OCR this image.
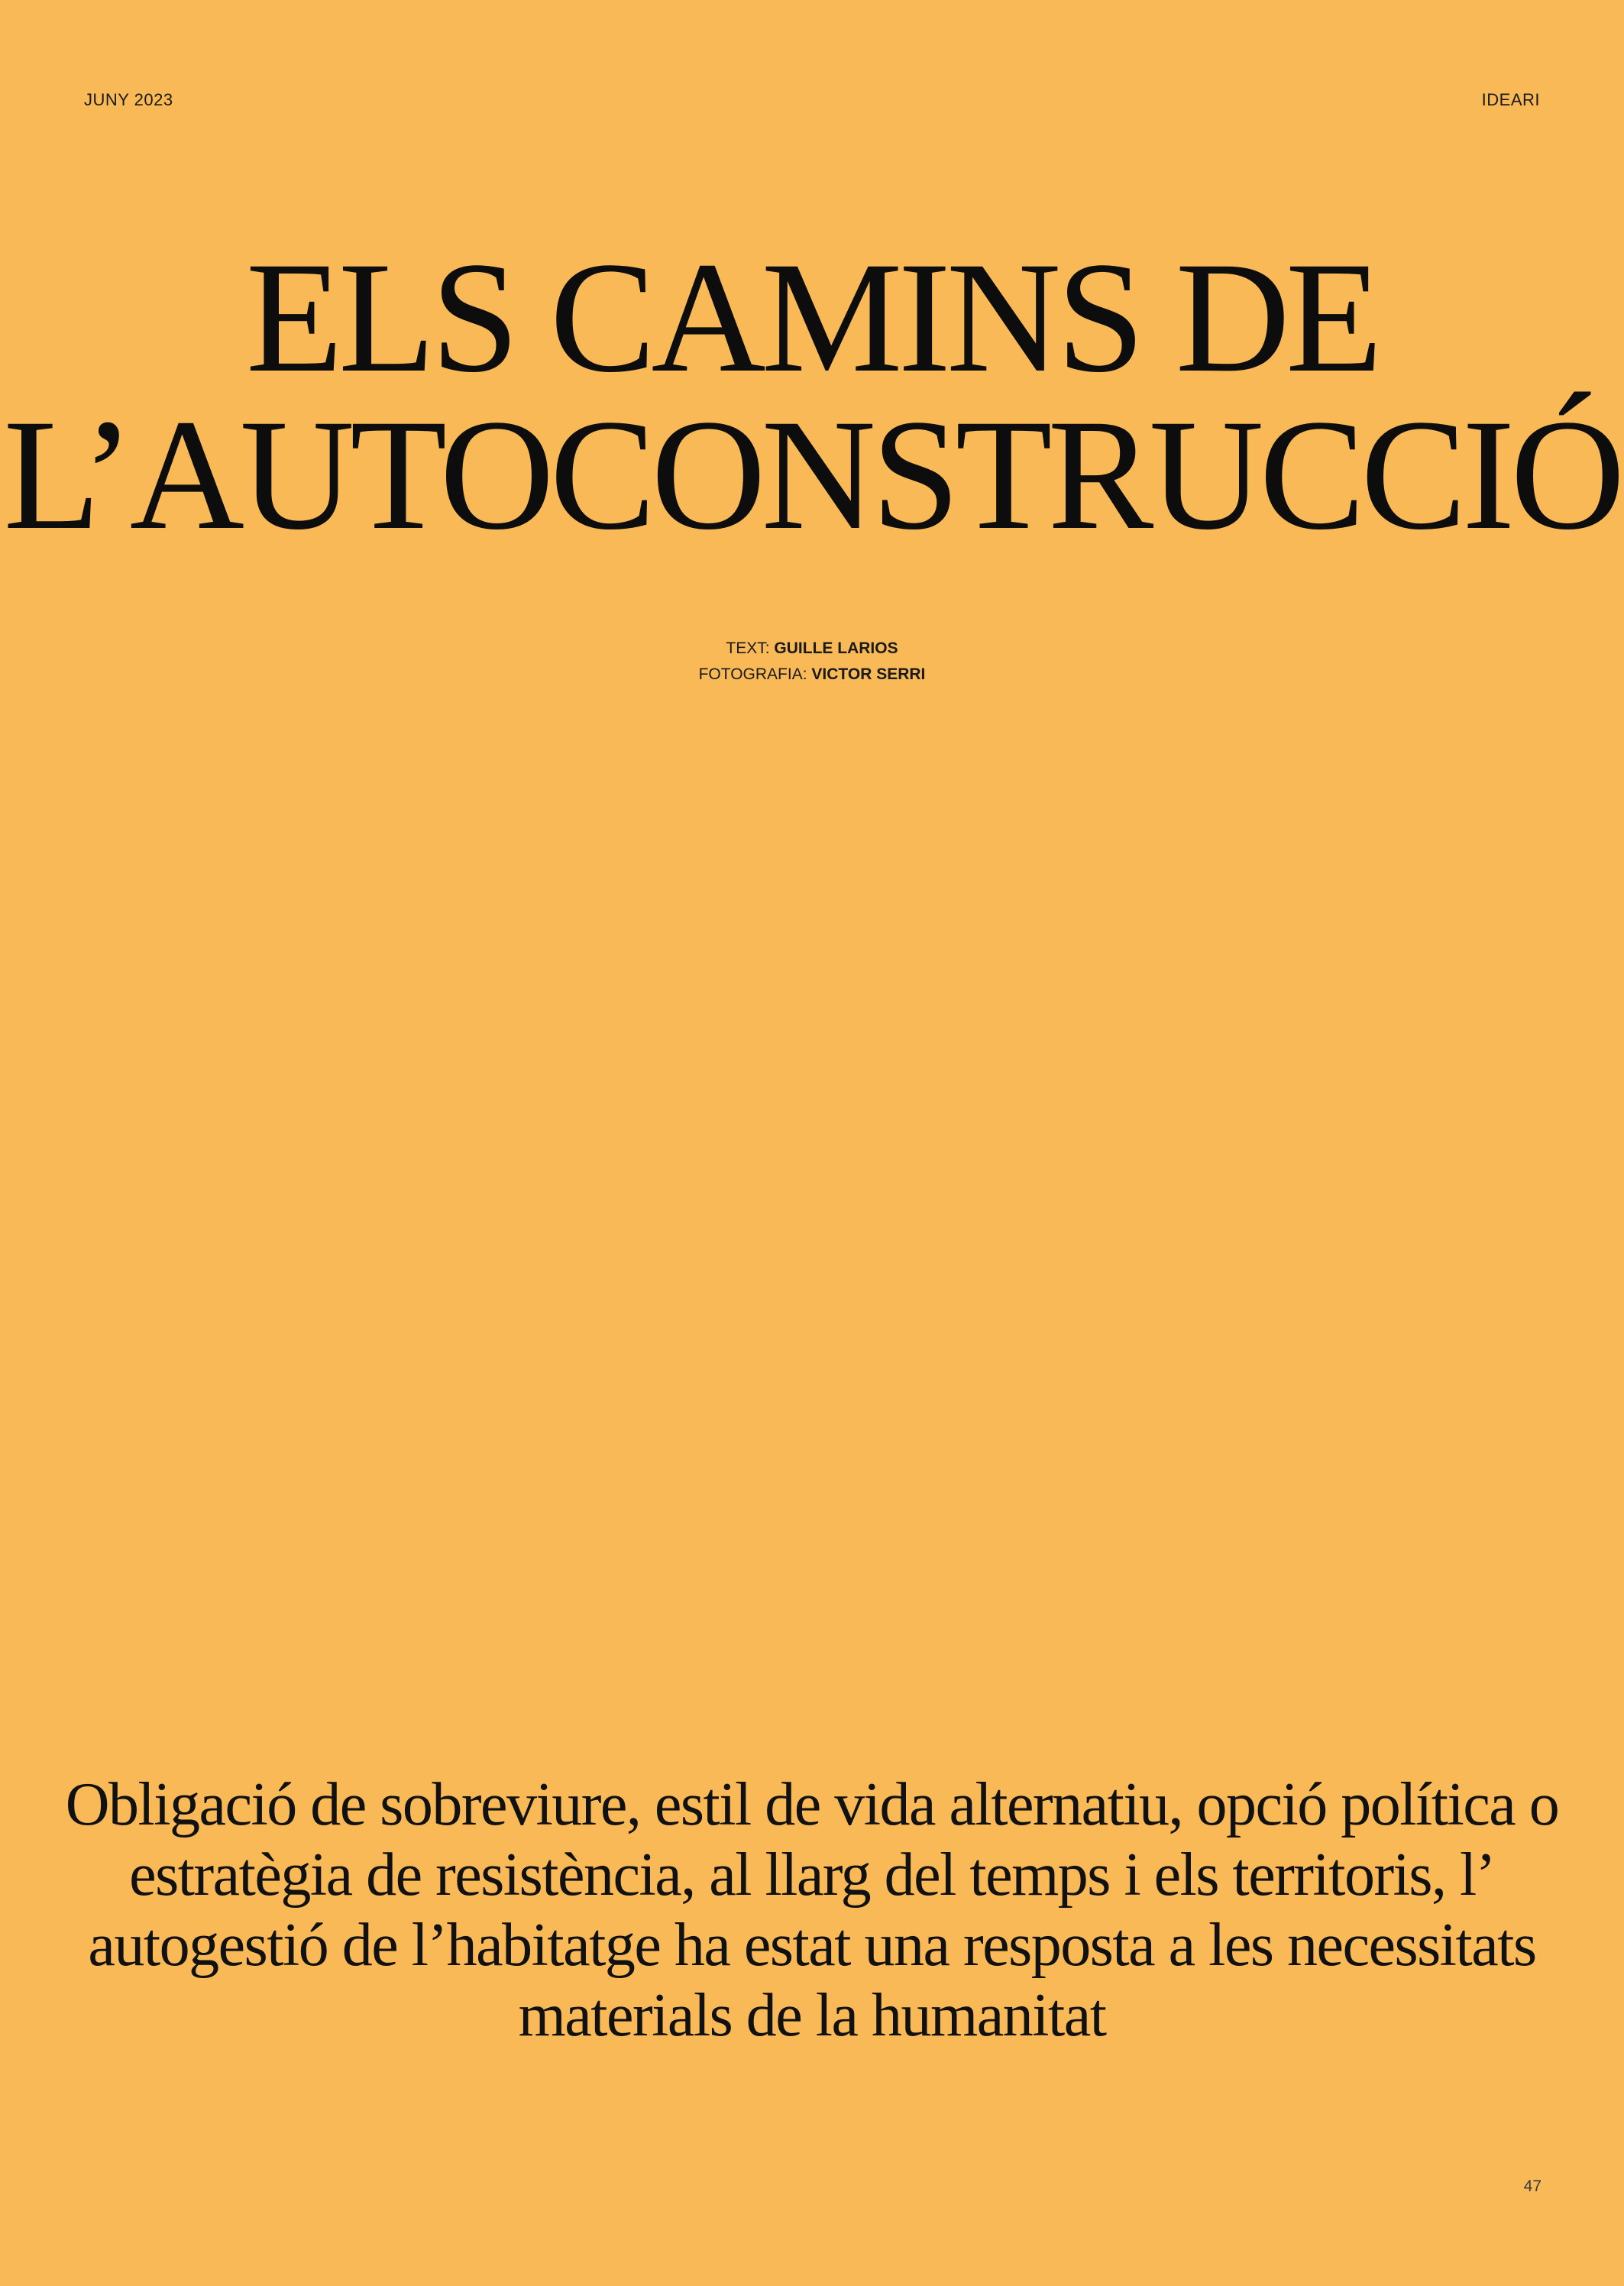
JUNY 2023	IDEARI
ELS CAMINS DE
L’AUTOCONSTRUCCIÓ
TEXT: GUILLE LARIOS
FOTOGRAFIA: VICTOR SERRI

Obligació de sobreviure, estil de vida alternatiu, opció política o estratègia de resistència, al llarg del temps i els territoris, l’ autogestió de l’habitatge ha estat una resposta a les necessitats materials de la humanitat

47
